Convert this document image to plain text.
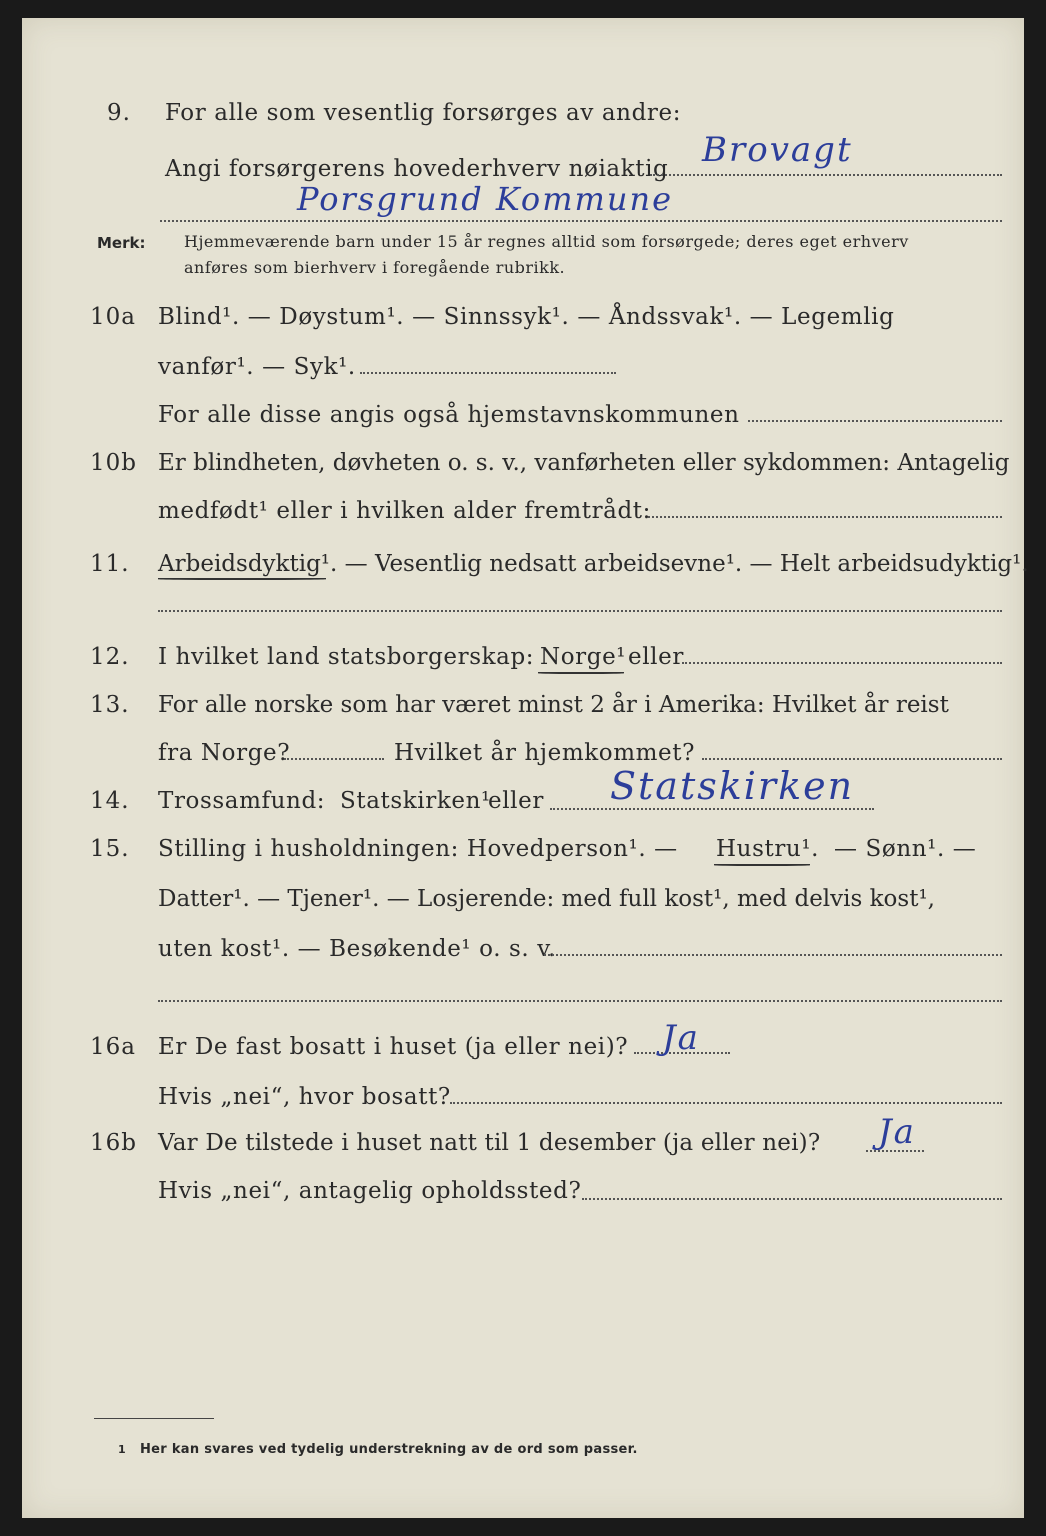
9. For alle som vesentlig forsørges av andre:
Angi forsørgerens hovederhverv nøiaktig Brovagt
Porsgrund Kommune
Merk: Hjemmeværende barn under 15 år regnes alltid som forsørgede; deres eget erhverv
anføres som bierhverv i foregående rubrikk.
10a Blind¹. — Døystum¹. — Sinnssyk¹. — Åndssvak¹. — Legemlig
vanfør¹. — Syk¹.
For alle disse angis også hjemstavnskommunen
10b Er blindheten, døvheten o. s. v., vanførheten eller sykdommen: Antagelig
medfødt¹ eller i hvilken alder fremtrådt:
11. Arbeidsdyktig¹. — Vesentlig nedsatt arbeidsevne¹. — Helt arbeidsudyktig¹.
12. I hvilket land statsborgerskap: Norge¹ eller
13. For alle norske som har været minst 2 år i Amerika: Hvilket år reist
fra Norge?	Hvilket år hjemkommet?
14. Trossamfund: Statskirken¹
eller Statskirken
15. Stilling i husholdningen: Hovedperson¹. — Hustru¹. — Sønn¹. —
Datter¹. — Tjener¹. — Losjerende: med full kost¹, med delvis kost¹,
uten kost¹. — Besøkende¹ o. s. v.
16a Er De fast bosatt i huset (ja eller nei)? Ja
Hvis „nei“, hvor bosatt?
16b Var De tilstede i huset natt til 1 desember (ja eller nei)? Ja
Hvis „nei“, antagelig opholdssted?
1 Her kan svares ved tydelig understrekning av de ord som passer.
